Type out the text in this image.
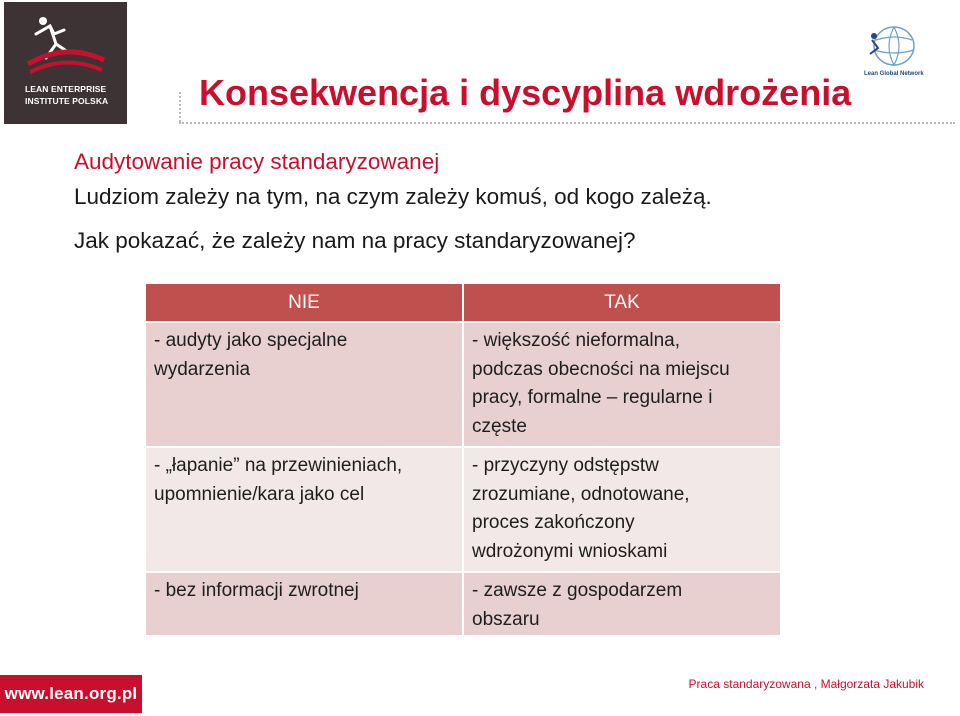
LEAN ENTERPRISE
INSTITUTE POLSKA
Lean Global Network
Konsekwencja i dyscyplina wdrożenia
Audytowanie pracy standaryzowanej
Ludziom zależy na tym, na czym zależy komuś, od kogo zależą.
Jak pokazać, że zależy nam na pracy standaryzowanej?
NIE	TAK

- audyty jako specjalne
wydarzenia	- większość nieformalna,
podczas obecności na miejscu
pracy, formalne – regularne i
częste

- „łapanie” na przewinieniach,
upomnienie/kara jako cel	- przyczyny odstępstw
zrozumiane, odnotowane,
proces zakończony
wdrożonymi wnioskami

- bez informacji zwrotnej	- zawsze z gospodarzem
obszaru
www.lean.org.pl	Praca standaryzowana , Małgorzata Jakubik
